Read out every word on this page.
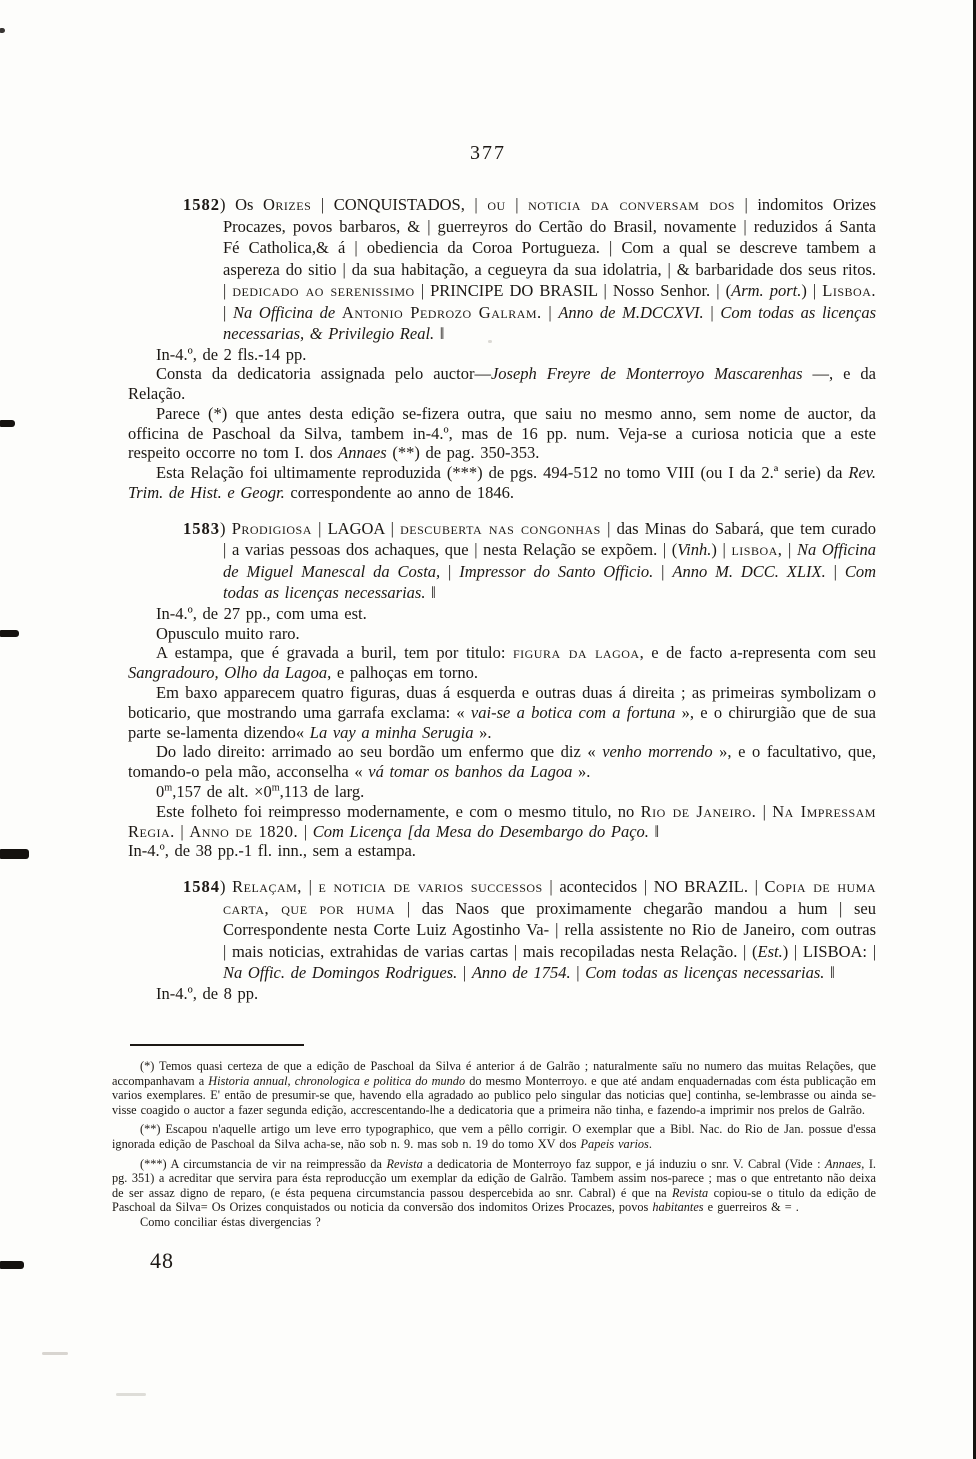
377

1582) Os Orizes | CONQUISTADOS, | ou | noticia da conversam dos | indomitos Orizes Procazes, povos barbaros, & | guerreyros do Certão do Brasil, novamente | reduzidos á Santa Fé Catholica,& á | obediencia da Coroa Portugueza. | Com a qual se descreve tambem a aspereza do sitio | da sua habitação, a cegueyra da sua idolatria, | & barbaridade dos seus ritos. | dedicado ao serenissimo | PRINCIPE DO BRASIL | Nosso Senhor. | (Arm. port.) | Lisboa. | Na Officina de Antonio Pedrozo Galram. | Anno de M.DCCXVI. | Com todas as licenças necessarias, & Privilegio Real. ‖

In-4.º, de 2 fls.-14 pp.

Consta da dedicatoria assignada pelo auctor—Joseph Freyre de Monterroyo Mascarenhas —, e da Relação.

Parece (*) que antes desta edição se-fizera outra, que saiu no mesmo anno, sem nome de auctor, da officina de Paschoal da Silva, tambem in-4.º, mas de 16 pp. num. Veja-se a curiosa noticia que a este respeito occorre no tom I. dos Annaes (**) de pag. 350-353.

Esta Relação foi ultimamente reproduzida (***) de pgs. 494-512 no tomo VIII (ou I da 2.ª serie) da Rev. Trim. de Hist. e Geogr. correspondente ao anno de 1846.

1583) Prodigiosa | LAGOA | descuberta nas congonhas | das Minas do Sabará, que tem curado | a varias pessoas dos achaques, que | nesta Relação se expõem. | (Vinh.) | lisboa, | Na Officina de Miguel Manescal da Costa, | Impressor do Santo Officio. | Anno M. DCC. XLIX. | Com todas as licenças necessarias. ‖

In-4.º, de 27 pp., com uma est.

Opusculo muito raro.

A estampa, que é gravada a buril, tem por titulo: figura da lagoa, e de facto a-representa com seu Sangradouro, Olho da Lagoa, e palhoças em torno.

Em baxo apparecem quatro figuras, duas á esquerda e outras duas á direita ; as primeiras symbolizam o boticario, que mostrando uma garrafa exclama: « vai-se a botica com a fortuna », e o chirurgião que de sua parte se-lamenta dizendo« La vay a minha Serugia ».

Do lado direito: arrimado ao seu bordão um enfermo que diz « venho morrendo », e o facultativo, que, tomando-o pela mão, acconselha « vá tomar os banhos da Lagoa ».

0$^m$,157 de alt. $\times 0^m,113$ de larg.

Este folheto foi reimpresso modernamente, e com o mesmo titulo, no Rio de Janeiro. | Na Impressam Regia. | Anno de 1820. | Com Licença [da Mesa do Desembargo do Paço. ‖

In-4.º, de 38 pp.-1 fl. inn., sem a estampa.

1584) Relaçam, | e noticia de varios successos | acontecidos | NO BRAZIL. | Copia de huma carta, que por huma | das Naos que proximamente chegarão mandou a hum | seu Correspondente nesta Corte Luiz Agostinho Va- | rella assistente no Rio de Janeiro, com outras | mais noticias, extrahidas de varias cartas | mais recopiladas nesta Relação. | (Est.) | LISBOA: | Na Offic. de Domingos Rodrigues. | Anno de 1754. | Com todas as licenças necessarias. ‖

In-4.º, de 8 pp.

(*) Temos quasi certeza de que a edição de Paschoal da Silva é anterior á de Galrão ; naturalmente saïu no numero das muitas Relações, que accompanhavam a Historia annual, chronologica e politica do mundo do mesmo Monterroyo. e que até andam enquadernadas com ésta publicação em varios exemplares. E' então de presumir-se que, havendo ella agradado ao publico pelo singular das noticias que] continha, se-lembrasse ou ainda se-visse coagido o auctor a fazer segunda edição, accrescentando-lhe a dedicatoria que a primeira não tinha, e fazendo-a imprimir nos prelos de Galrão.

(**) Escapou n'aquelle artigo um leve erro typographico, que vem a pêllo corrigir. O exemplar que a Bibl. Nac. do Rio de Jan. possue d'essa ignorada edição de Paschoal da Silva acha-se, não sob n. 9. mas sob n. 19 do tomo XV dos Papeis varios.

(***) A circumstancia de vir na reimpressão da Revista a dedicatoria de Monterroyo faz suppor, e já induziu o snr. V. Cabral (Vide : Annaes, I. pg. 351) a acreditar que servira para ésta reproducção um exemplar da edição de Galrão. Tambem assim nos-parece ; mas o que entretanto não deixa de ser assaz digno de reparo, (e ésta pequena circumstancia passou despercebida ao snr. Cabral) é que na Revista copiou-se o titulo da edição de Paschoal da Silva= Os Orizes conquistados ou noticia da conversão dos indomitos Orizes Procazes, povos habitantes e guerreiros & = .

Como conciliar éstas divergencias ?

48
